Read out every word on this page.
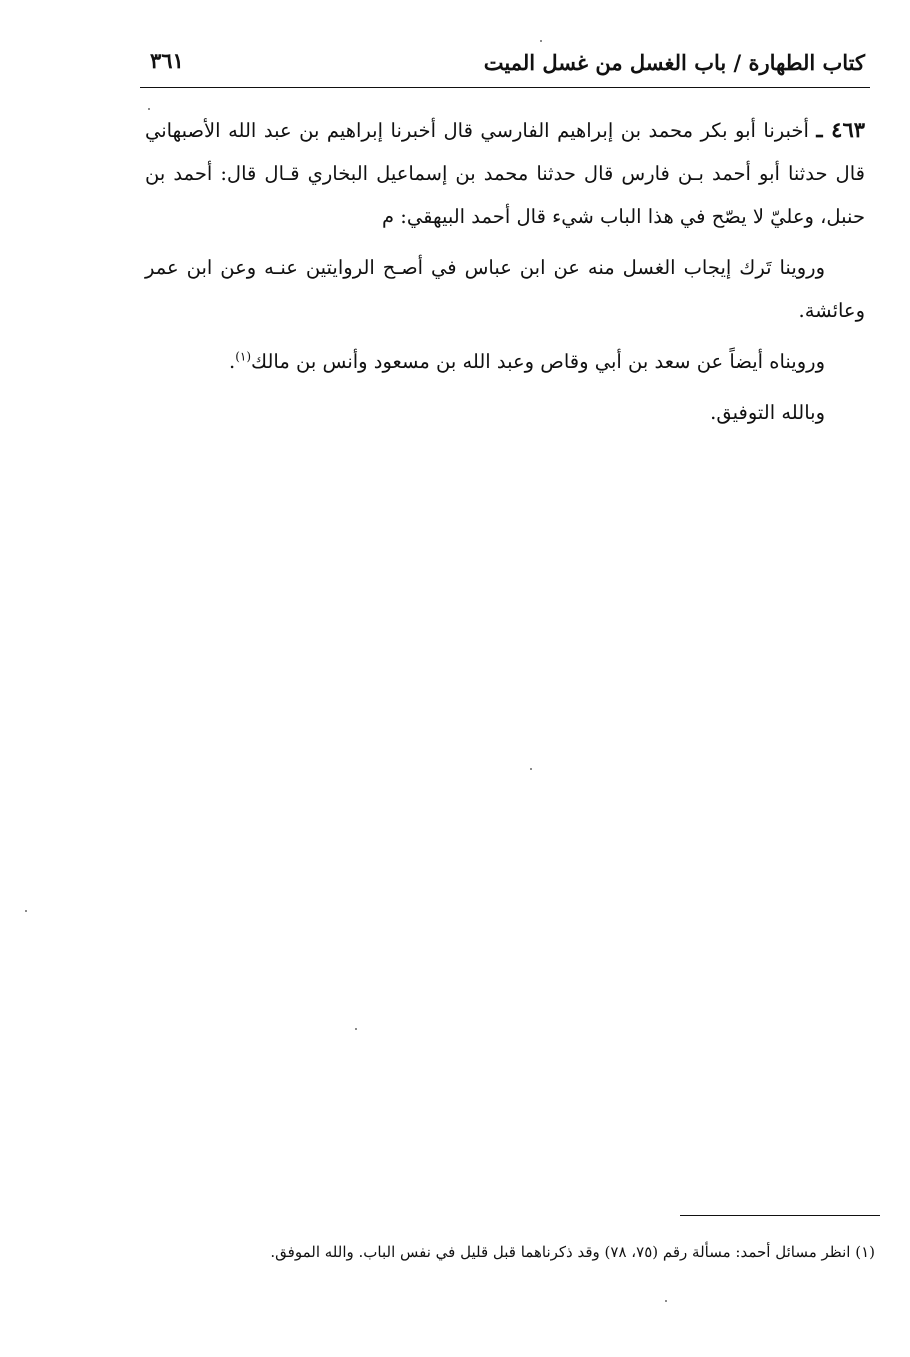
كتاب الطهارة / باب الغسل من غسل الميت
٣٦١

٤٦٣ ـ أخبرنا أبو بكر محمد بن إبراهيم الفارسي قال أخبرنا إبراهيم بن عبد الله الأصبهاني قال حدثنا أبو أحمد بـن فارس قال حدثنا محمد بن إسماعيل البخاري قـال قال: أحمد بن حنبل، وعليّ لا يصّح في هذا الباب شيء قال أحمد البيهقي: م

وروينا تَرك إيجاب الغسل منه عن ابن عباس في أصـح الروايتين عنـه وعن ابن عمر وعائشة.

ورويناه أيضاً عن سعد بن أبي وقاص وعبد الله بن مسعود وأنس بن مالك$^{(١)}$.

وبالله التوفيق.

(١) انظر مسائل أحمد: مسألة رقم (٧٥، ٧٨) وقد ذكرناهما قبل قليل في نفس الباب. والله الموفق.
